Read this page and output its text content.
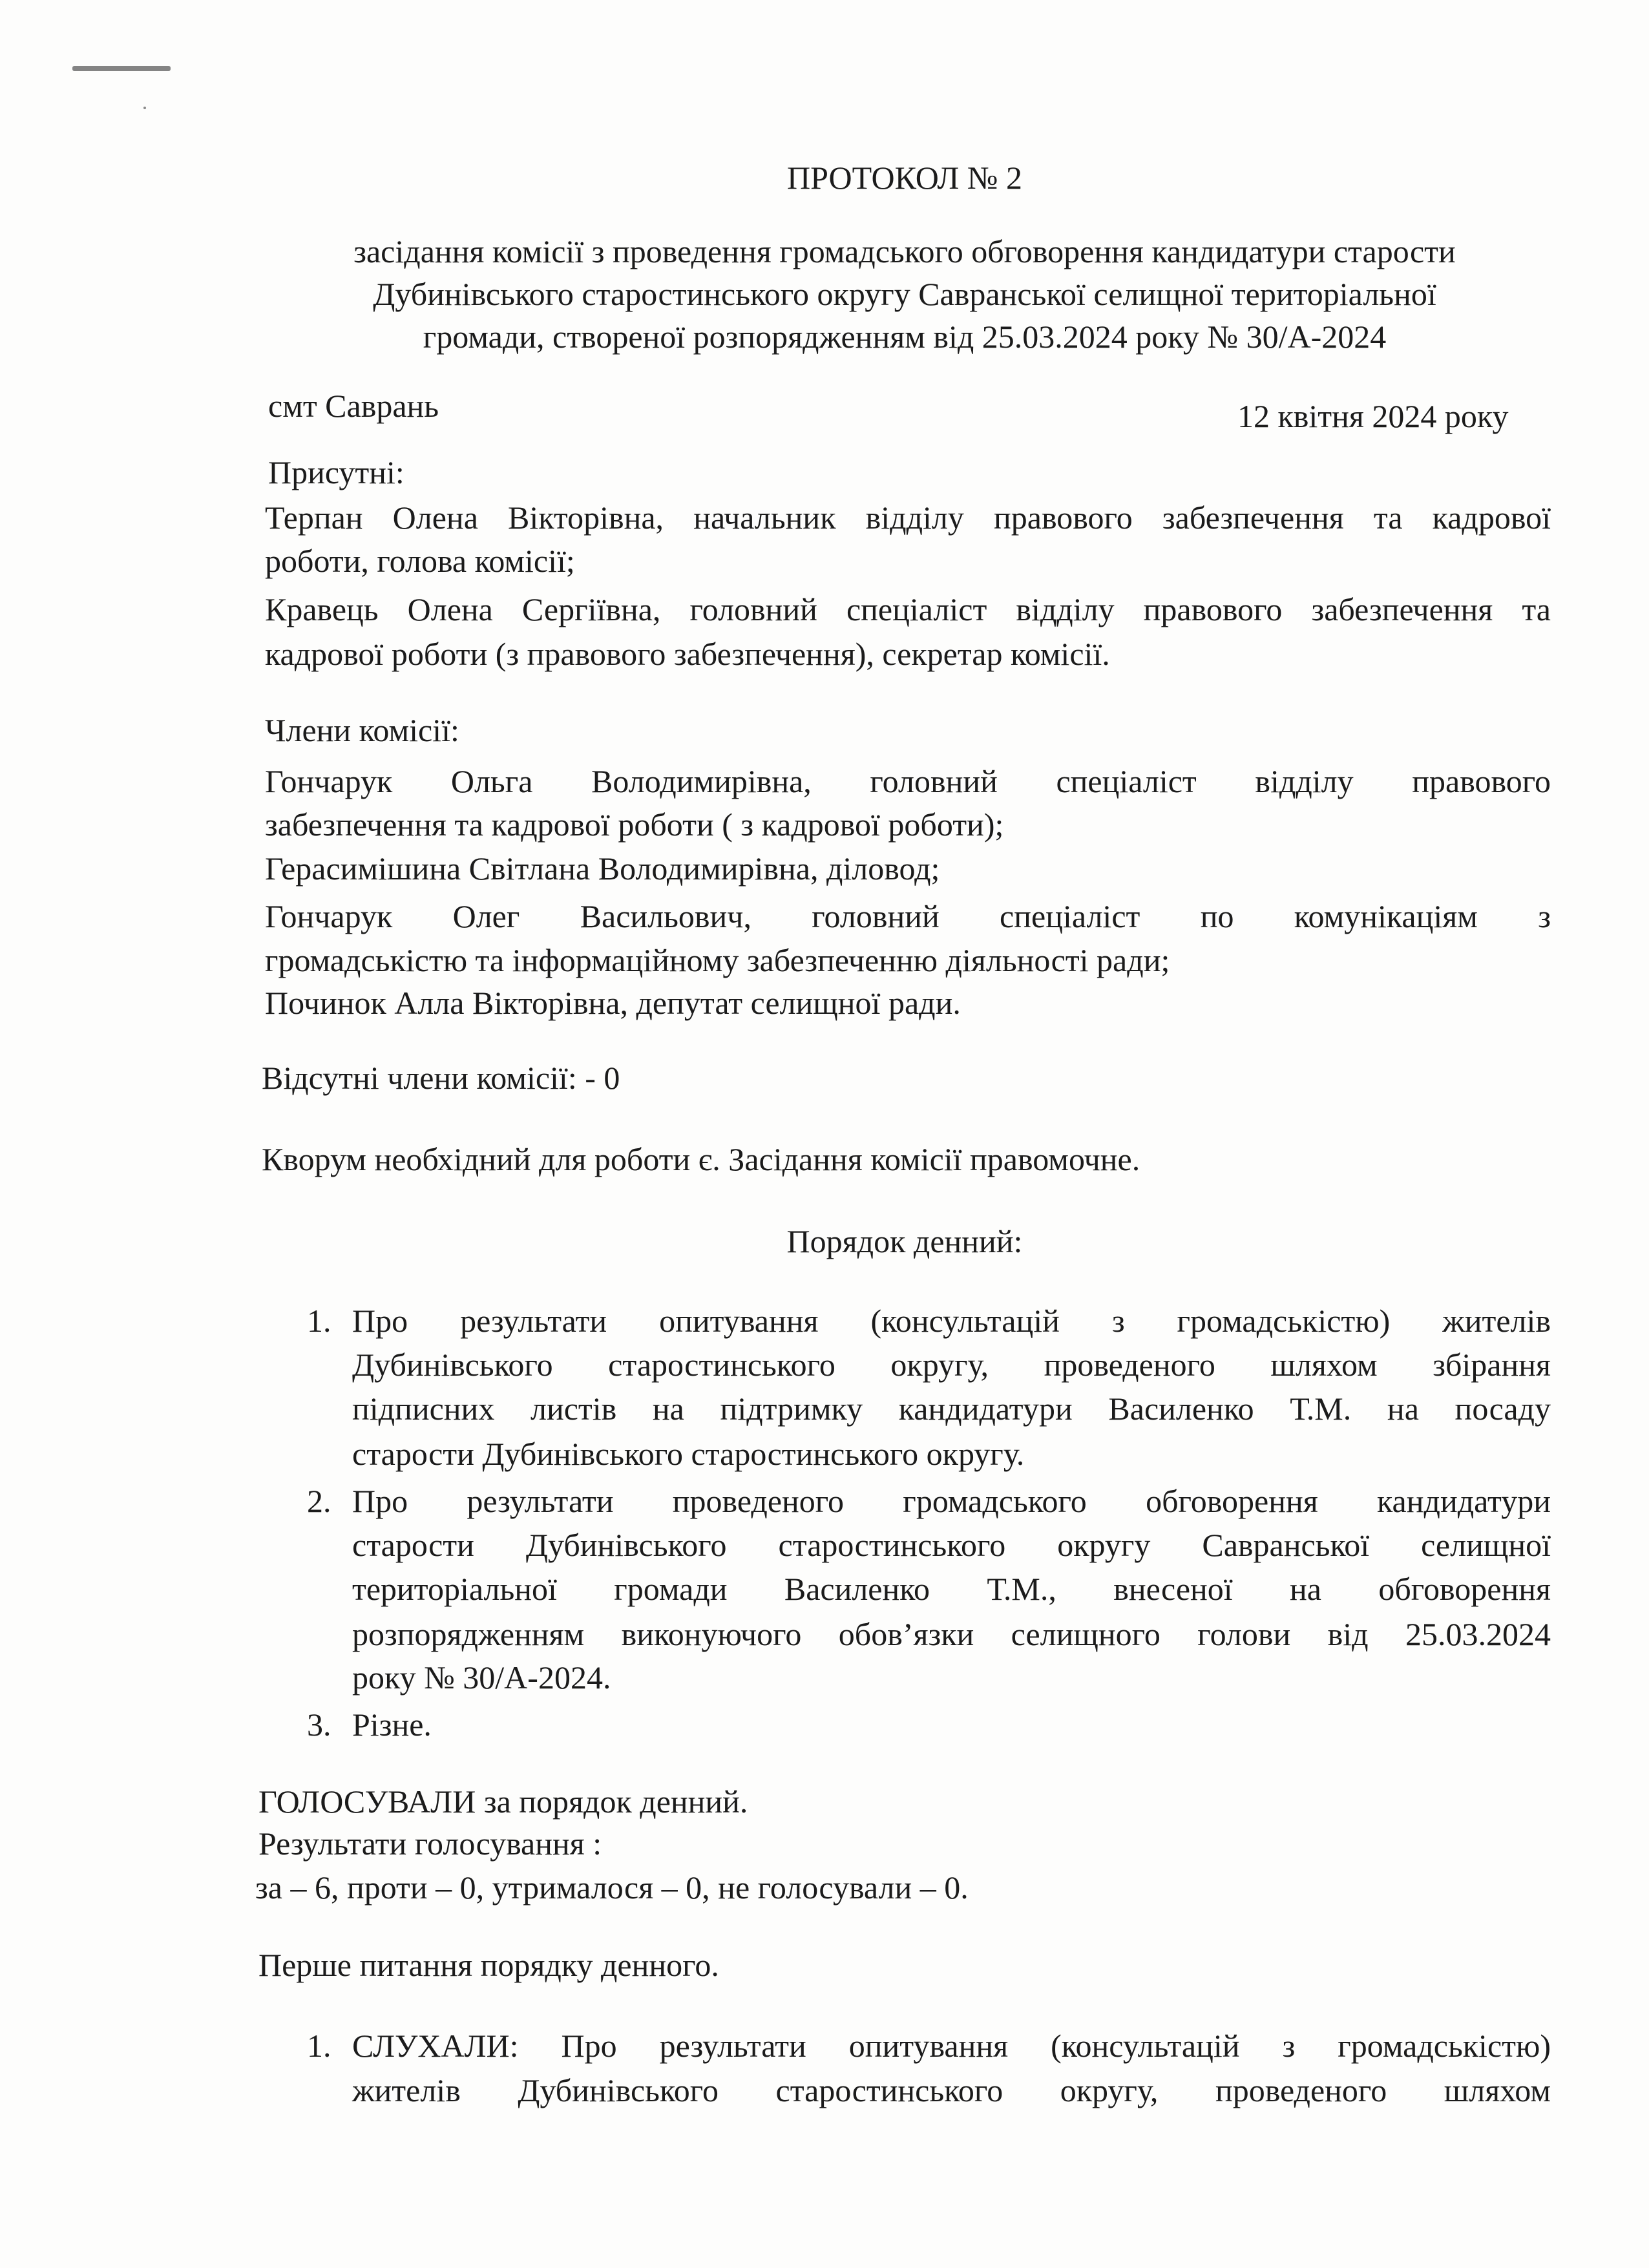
ПРОТОКОЛ № 2
засідання комісії з проведення громадського обговорення кандидатури старости
Дубинівського старостинського округу Савранської селищної територіальної
громади, створеної розпорядженням від 25.03.2024 року № 30/А-2024
смт Саврань	12 квітня 2024 року
Присутні:
Терпан Олена Вікторівна, начальник відділу правового забезпечення та кадрової
роботи, голова комісії;
Кравець Олена Сергіївна, головний спеціаліст відділу правового забезпечення та
кадрової роботи (з правового забезпечення), секретар комісії.
Члени комісії:
Гончарук Ольга Володимирівна, головний спеціаліст відділу правового
забезпечення та кадрової роботи ( з кадрової роботи);
Герасимішина Світлана Володимирівна, діловод;
Гончарук Олег Васильович, головний спеціаліст по комунікаціям з
громадськістю та інформаційному забезпеченню діяльності ради;
Починок Алла Вікторівна, депутат селищної ради.
Відсутні члени комісії: - 0
Кворум необхідний для роботи є. Засідання комісії правомочне.
Порядок денний:
1. Про результати опитування (консультацій з громадськістю) жителів
Дубинівського старостинського округу, проведеного шляхом збірання
підписних листів на підтримку кандидатури Василенко Т.М. на посаду
старости Дубинівського старостинського округу.
2. Про результати проведеного громадського обговорення кандидатури
старости Дубинівського старостинського округу Савранської селищної
територіальної громади Василенко Т.М., внесеної на обговорення
розпорядженням виконуючого обов’язки селищного голови від 25.03.2024
року № 30/А-2024.
3. Різне.
ГОЛОСУВАЛИ за порядок денний.
Результати голосування :
за – 6, проти – 0, утрималося – 0, не голосували – 0.
Перше питання порядку денного.
1. СЛУХАЛИ: Про результати опитування (консультацій з громадськістю)
жителів Дубинівського старостинського округу, проведеного шляхом
